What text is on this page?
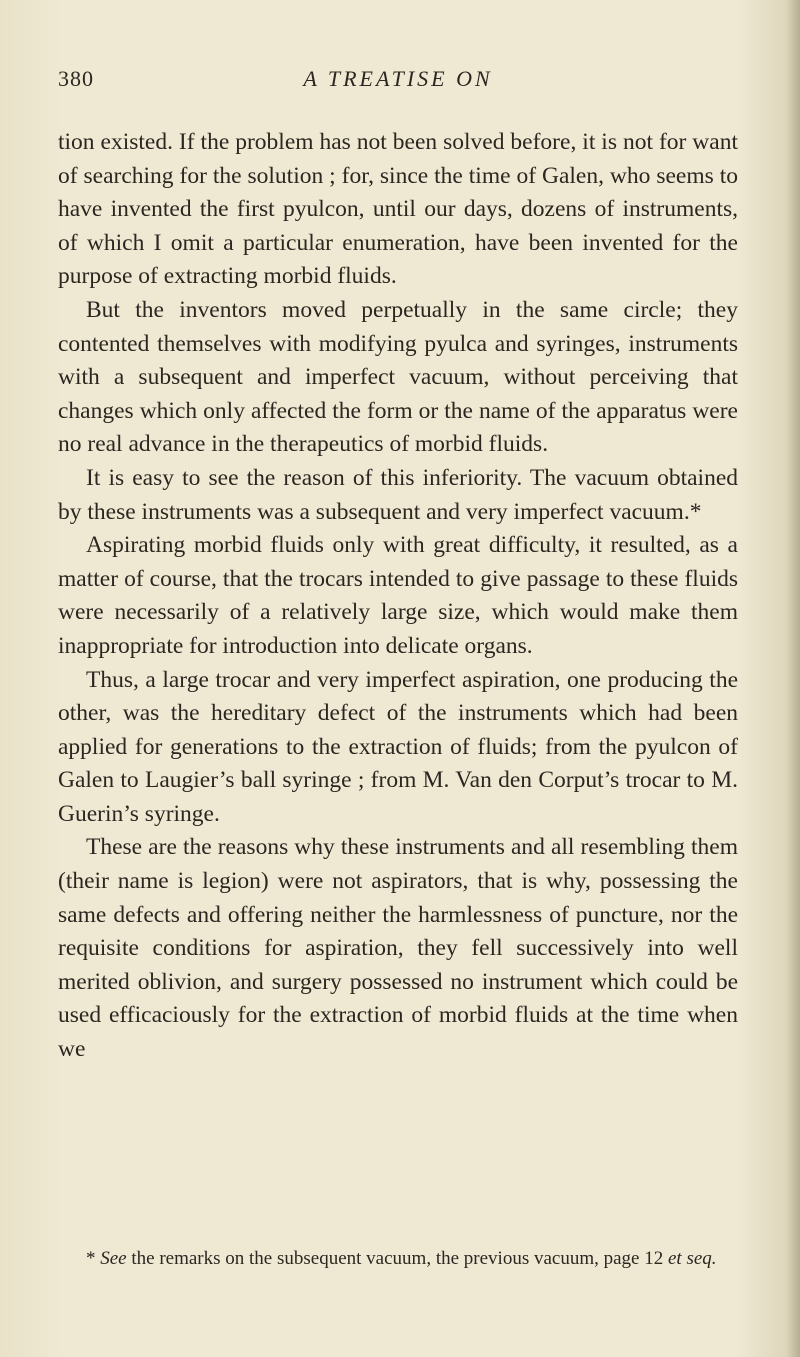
380	A TREATISE ON

tion existed. If the problem has not been solved before, it is not for want of searching for the solution ; for, since the time of Galen, who seems to have invented the first pyulcon, until our days, dozens of instruments, of which I omit a particular enumeration, have been invented for the purpose of extracting morbid fluids.

But the inventors moved perpetually in the same circle; they contented themselves with modifying pyulca and syringes, instruments with a subsequent and imperfect vacuum, without perceiving that changes which only affected the form or the name of the apparatus were no real advance in the therapeutics of morbid fluids.

It is easy to see the reason of this inferiority. The vacuum obtained by these instruments was a subsequent and very imperfect vacuum.*

Aspirating morbid fluids only with great difficulty, it resulted, as a matter of course, that the trocars intended to give passage to these fluids were necessarily of a relatively large size, which would make them inappropriate for introduction into delicate organs.

Thus, a large trocar and very imperfect aspiration, one producing the other, was the hereditary defect of the instruments which had been applied for generations to the extraction of fluids; from the pyulcon of Galen to Laugier’s ball syringe ; from M. Van den Corput’s trocar to M. Guerin’s syringe.

These are the reasons why these instruments and all resembling them (their name is legion) were not aspirators, that is why, possessing the same defects and offering neither the harmlessness of puncture, nor the requisite conditions for aspiration, they fell successively into well merited oblivion, and surgery possessed no instrument which could be used efficaciously for the extraction of morbid fluids at the time when we

* See the remarks on the subsequent vacuum, the previous vacuum, page 12 et seq.
